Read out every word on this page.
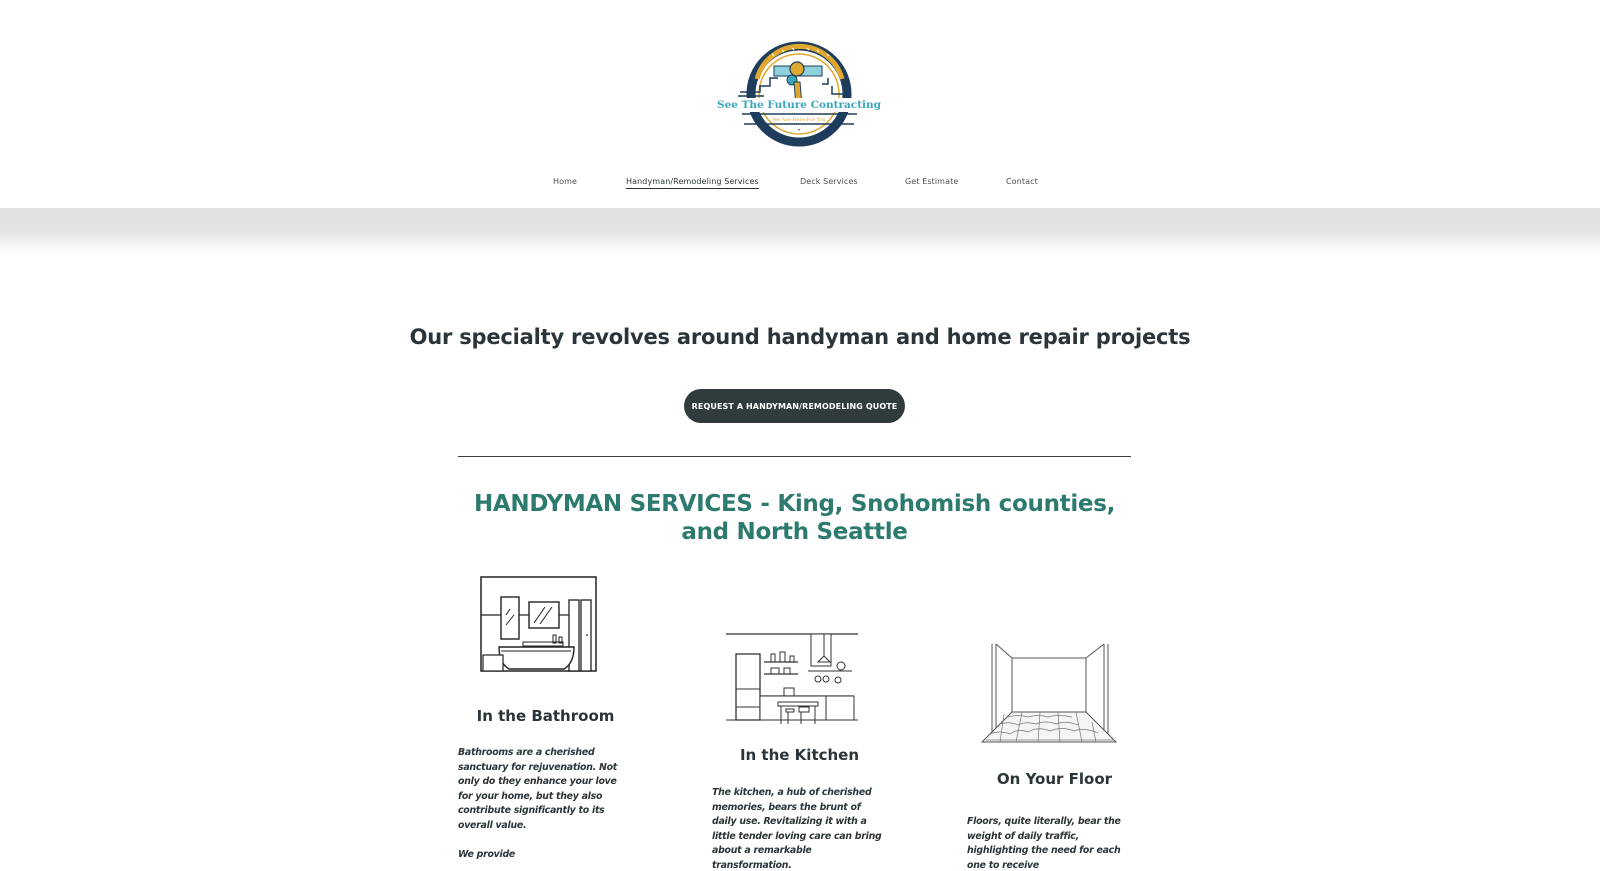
See The Future Contracting
We Are Here For You
❧
Home	Handyman/Remodeling Services	Deck Services	Get Estimate	Contact
Our specialty revolves around handyman and home repair projects
REQUEST A HANDYMAN/REMODELING QUOTE
HANDYMAN SERVICES - King, Snohomish counties,
and North Seattle
In the Bathroom

Bathrooms are a cherished sanctuary for rejuvenation. Not only do they enhance your love for your home, but they also contribute significantly to its overall value.

We provide

In the Kitchen

The kitchen, a hub of cherished memories, bears the brunt of daily use. Revitalizing it with a little tender loving care can bring about a remarkable transformation.

On Your Floor

Floors, quite literally, bear the weight of daily traffic, highlighting the need for each one to receive
